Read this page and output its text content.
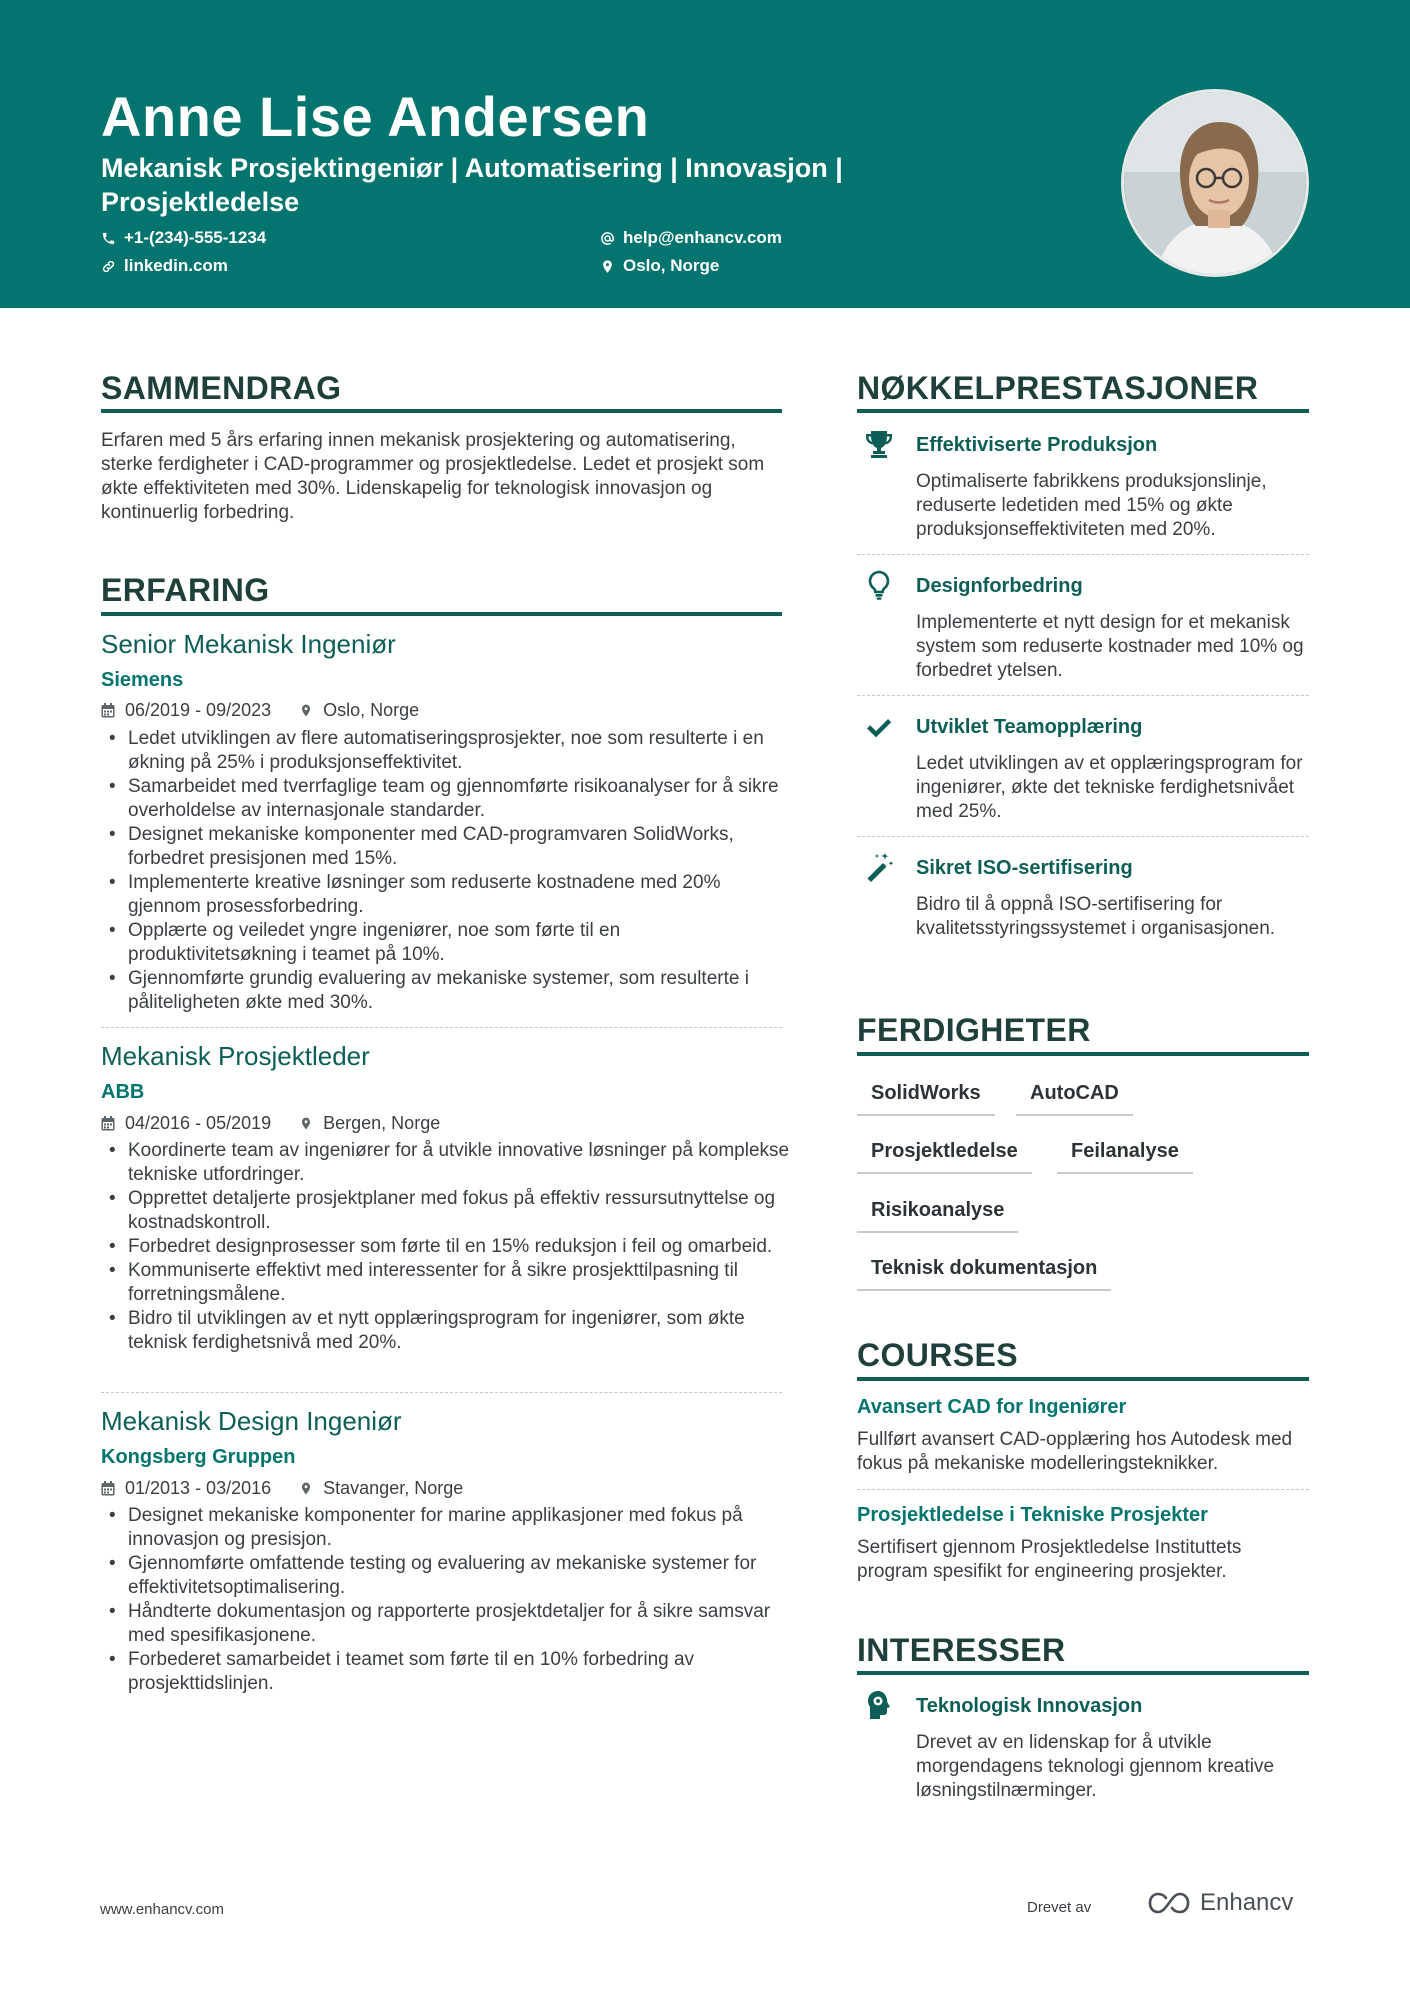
Anne Lise Andersen
Mekanisk Prosjektingeniør | Automatisering | Innovasjon | Prosjektledelse
+1-(234)-555-1234	help@enhancv.com
linkedin.com	Oslo, Norge
SAMMENDRAG
Erfaren med 5 års erfaring innen mekanisk prosjektering og automatisering, sterke ferdigheter i CAD-programmer og prosjektledelse. Ledet et prosjekt som økte effektiviteten med 30%. Lidenskapelig for teknologisk innovasjon og kontinuerlig forbedring.
ERFARING
Senior Mekanisk Ingeniør
Siemens
06/2019 - 09/2023	Oslo, Norge
• Ledet utviklingen av flere automatiseringsprosjekter, noe som resulterte i en økning på 25% i produksjonseffektivitet.
• Samarbeidet med tverrfaglige team og gjennomførte risikoanalyser for å sikre overholdelse av internasjonale standarder.
• Designet mekaniske komponenter med CAD-programvaren SolidWorks, forbedret presisjonen med 15%.
• Implementerte kreative løsninger som reduserte kostnadene med 20% gjennom prosessforbedring.
• Opplærte og veiledet yngre ingeniører, noe som førte til en produktivitetsøkning i teamet på 10%.
• Gjennomførte grundig evaluering av mekaniske systemer, som resulterte i påliteligheten økte med 30%.
Mekanisk Prosjektleder
ABB
04/2016 - 05/2019	Bergen, Norge
• Koordinerte team av ingeniører for å utvikle innovative løsninger på komplekse tekniske utfordringer.
• Opprettet detaljerte prosjektplaner med fokus på effektiv ressursutnyttelse og kostnadskontroll.
• Forbedret designprosesser som førte til en 15% reduksjon i feil og omarbeid.
• Kommuniserte effektivt med interessenter for å sikre prosjekttilpasning til forretningsmålene.
• Bidro til utviklingen av et nytt opplæringsprogram for ingeniører, som økte teknisk ferdighetsnivå med 20%.
Mekanisk Design Ingeniør
Kongsberg Gruppen
01/2013 - 03/2016	Stavanger, Norge
• Designet mekaniske komponenter for marine applikasjoner med fokus på innovasjon og presisjon.
• Gjennomførte omfattende testing og evaluering av mekaniske systemer for effektivitetsoptimalisering.
• Håndterte dokumentasjon og rapporterte prosjektdetaljer for å sikre samsvar med spesifikasjonene.
• Forbederet samarbeidet i teamet som førte til en 10% forbedring av prosjekttidslinjen.
NØKKELPRESTASJONER
Effektiviserte Produksjon
Optimaliserte fabrikkens produksjonslinje, reduserte ledetiden med 15% og økte produksjonseffektiviteten med 20%.
Designforbedring
Implementerte et nytt design for et mekanisk system som reduserte kostnader med 10% og forbedret ytelsen.
Utviklet Teamopplæring
Ledet utviklingen av et opplæringsprogram for ingeniører, økte det tekniske ferdighetsnivået med 25%.
Sikret ISO-sertifisering
Bidro til å oppnå ISO-sertifisering for kvalitetsstyringssystemet i organisasjonen.
FERDIGHETER
SolidWorks	AutoCAD
Prosjektledelse	Feilanalyse
Risikoanalyse
Teknisk dokumentasjon
COURSES
Avansert CAD for Ingeniører
Fullført avansert CAD-opplæring hos Autodesk med fokus på mekaniske modelleringsteknikker.
Prosjektledelse i Tekniske Prosjekter
Sertifisert gjennom Prosjektledelse Instituttets program spesifikt for engineering prosjekter.
INTERESSER
Teknologisk Innovasjon
Drevet av en lidenskap for å utvikle morgendagens teknologi gjennom kreative løsningstilnærminger.
www.enhancv.com	Drevet av	Enhancv
